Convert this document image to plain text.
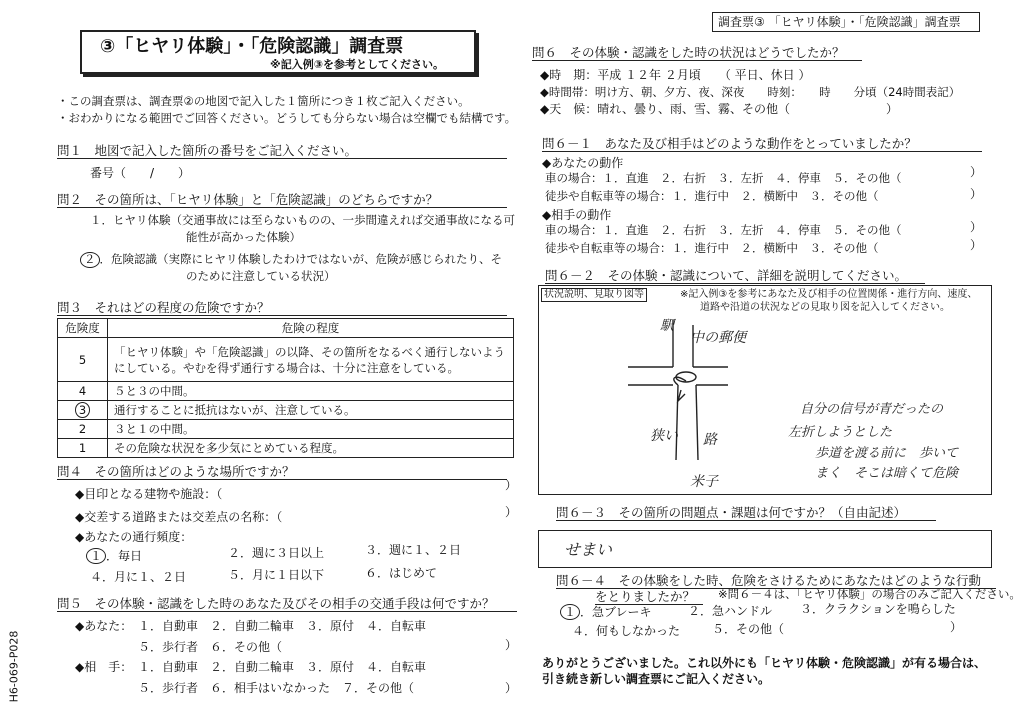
調査票③ 「ヒヤリ体験」・「危険認識」調査票
③「ヒヤリ体験」・「危険認識」調査票
※記入例③を参考としてください。
H6-069-P028
・この調査票は、調査票②の地図で記入した１箇所につき１枚ご記入ください。
・おわかりになる範囲でご回答ください。どうしても分らない場合は空欄でも結構です。
問１　地図で記入した箇所の番号をご記入ください。
番号（　　/　　）
問２　その箇所は、「ヒヤリ体験」と「危険認識」のどちらですか？
１．ヒヤリ体験（交通事故には至らないものの、一歩間違えれば交通事故になる可
能性が高かった体験）
２ ．危険認識（実際にヒヤリ体験したわけではないが、危険が感じられたり、そ
のために注意している状況）
問３　それはどの程度の危険ですか？
危険度	危険の程度
5	「ヒヤリ体験」や「危険認識」の以降、その箇所をなるべく通行しないようにしている。やむを得ず通行する場合は、十分に注意をしている。
4	５と３の中間。
3	通行することに抵抗はないが、注意している。
2	３と１の中間。
1	その危険な状況を多少気にとめている程度。
問４　その箇所はどのような場所ですか？
◆目印となる建物や施設：（
）
◆交差する道路または交差点の名称：（	）
◆あなたの通行頻度：
１ ．毎日	２．週に３日以上	３．週に１、２日
４．月に１、２日	５．月に１日以下	６．はじめて
問５　その体験・認識をした時のあなた及びその相手の交通手段は何ですか？
◆あなた： １．自動車　２．自動二輪車　３．原付　４．自転車
５．歩行者　６．その他（	）
◆相　手： １．自動車　２．自動二輪車　３．原付　４．自転車
５．歩行者　６．相手はいなかった　７．その他（	）
問６　その体験・認識をした時の状況はどうでしたか？
◆時　期：平成 １２年 ２月頃　　（ 平日、休日 ）
◆時間帯：明け方、朝、夕方、夜、深夜　　時刻：　　時　　分頃（24時間表記）
◆天　候：晴れ、曇り、雨、雪、霧、その他（　　　　　　　　）
問６－１　あなた及び相手はどのような動作をとっていましたか？
◆あなたの動作
車の場合：１．直進　２．右折　３．左折　４．停車　５．その他（	）
徒歩や自転車等の場合：１．進行中　２．横断中　３．その他（	）
◆相手の動作
車の場合：１．直進　２．右折　３．左折　４．停車　５．その他（	）
徒歩や自転車等の場合：１．進行中　２．横断中　３．その他（	）
問６－２　その体験・認識について、詳細を説明してください。
状況説明、見取り図等	※記入例③を参考にあなた及び相手の位置関係・進行方向、速度、
道路や沿道の状況などの見取り図を記入してください。
駅
中の郵便
狭い 路
米子
自分の信号が青だったの
左折しようとした
歩道を渡る前に　歩いて
まく　そこは暗くて危険
問６－３　その箇所の問題点・課題は何ですか？（自由記述）
せまい
問６－４　その体験をした時、危険をさけるためにあなたはどのような行動
をとりましたか？	※問６－４は、「ヒヤリ体験」の場合のみご記入ください。
１ ．急ブレーキ	２．急ハンドル ３．クラクションを鳴らした
４．何もしなかった	５．その他（	）
ありがとうございました。これ以外にも「ヒヤリ体験・危険認識」が有る場合は、
引き続き新しい調査票にご記入ください。
